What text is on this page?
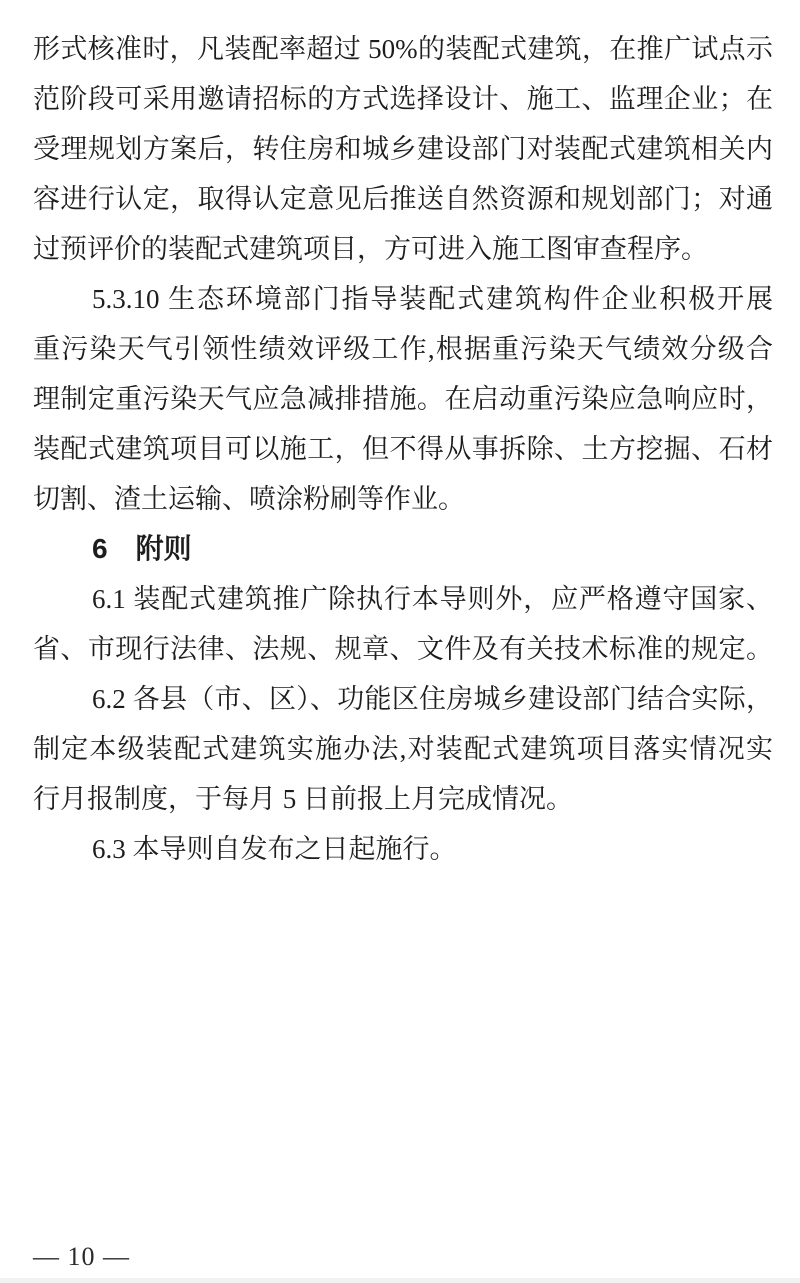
形式核准时，凡装配率超过 50%的装配式建筑，在推广试点示
范阶段可采用邀请招标的方式选择设计、施工、监理企业；在
受理规划方案后，转住房和城乡建设部门对装配式建筑相关内
容进行认定，取得认定意见后推送自然资源和规划部门；对通
过预评价的装配式建筑项目，方可进入施工图审查程序。
5.3.10 生态环境部门指导装配式建筑构件企业积极开展
重污染天气引领性绩效评级工作,根据重污染天气绩效分级合
理制定重污染天气应急减排措施。在启动重污染应急响应时，
装配式建筑项目可以施工，但不得从事拆除、土方挖掘、石材
切割、渣土运输、喷涂粉刷等作业。
6　附则
6.1 装配式建筑推广除执行本导则外，应严格遵守国家、
省、市现行法律、法规、规章、文件及有关技术标准的规定。
6.2 各县（市、区）、功能区住房城乡建设部门结合实际，
制定本级装配式建筑实施办法,对装配式建筑项目落实情况实
行月报制度，于每月 5 日前报上月完成情况。
6.3 本导则自发布之日起施行。
— 10 —
